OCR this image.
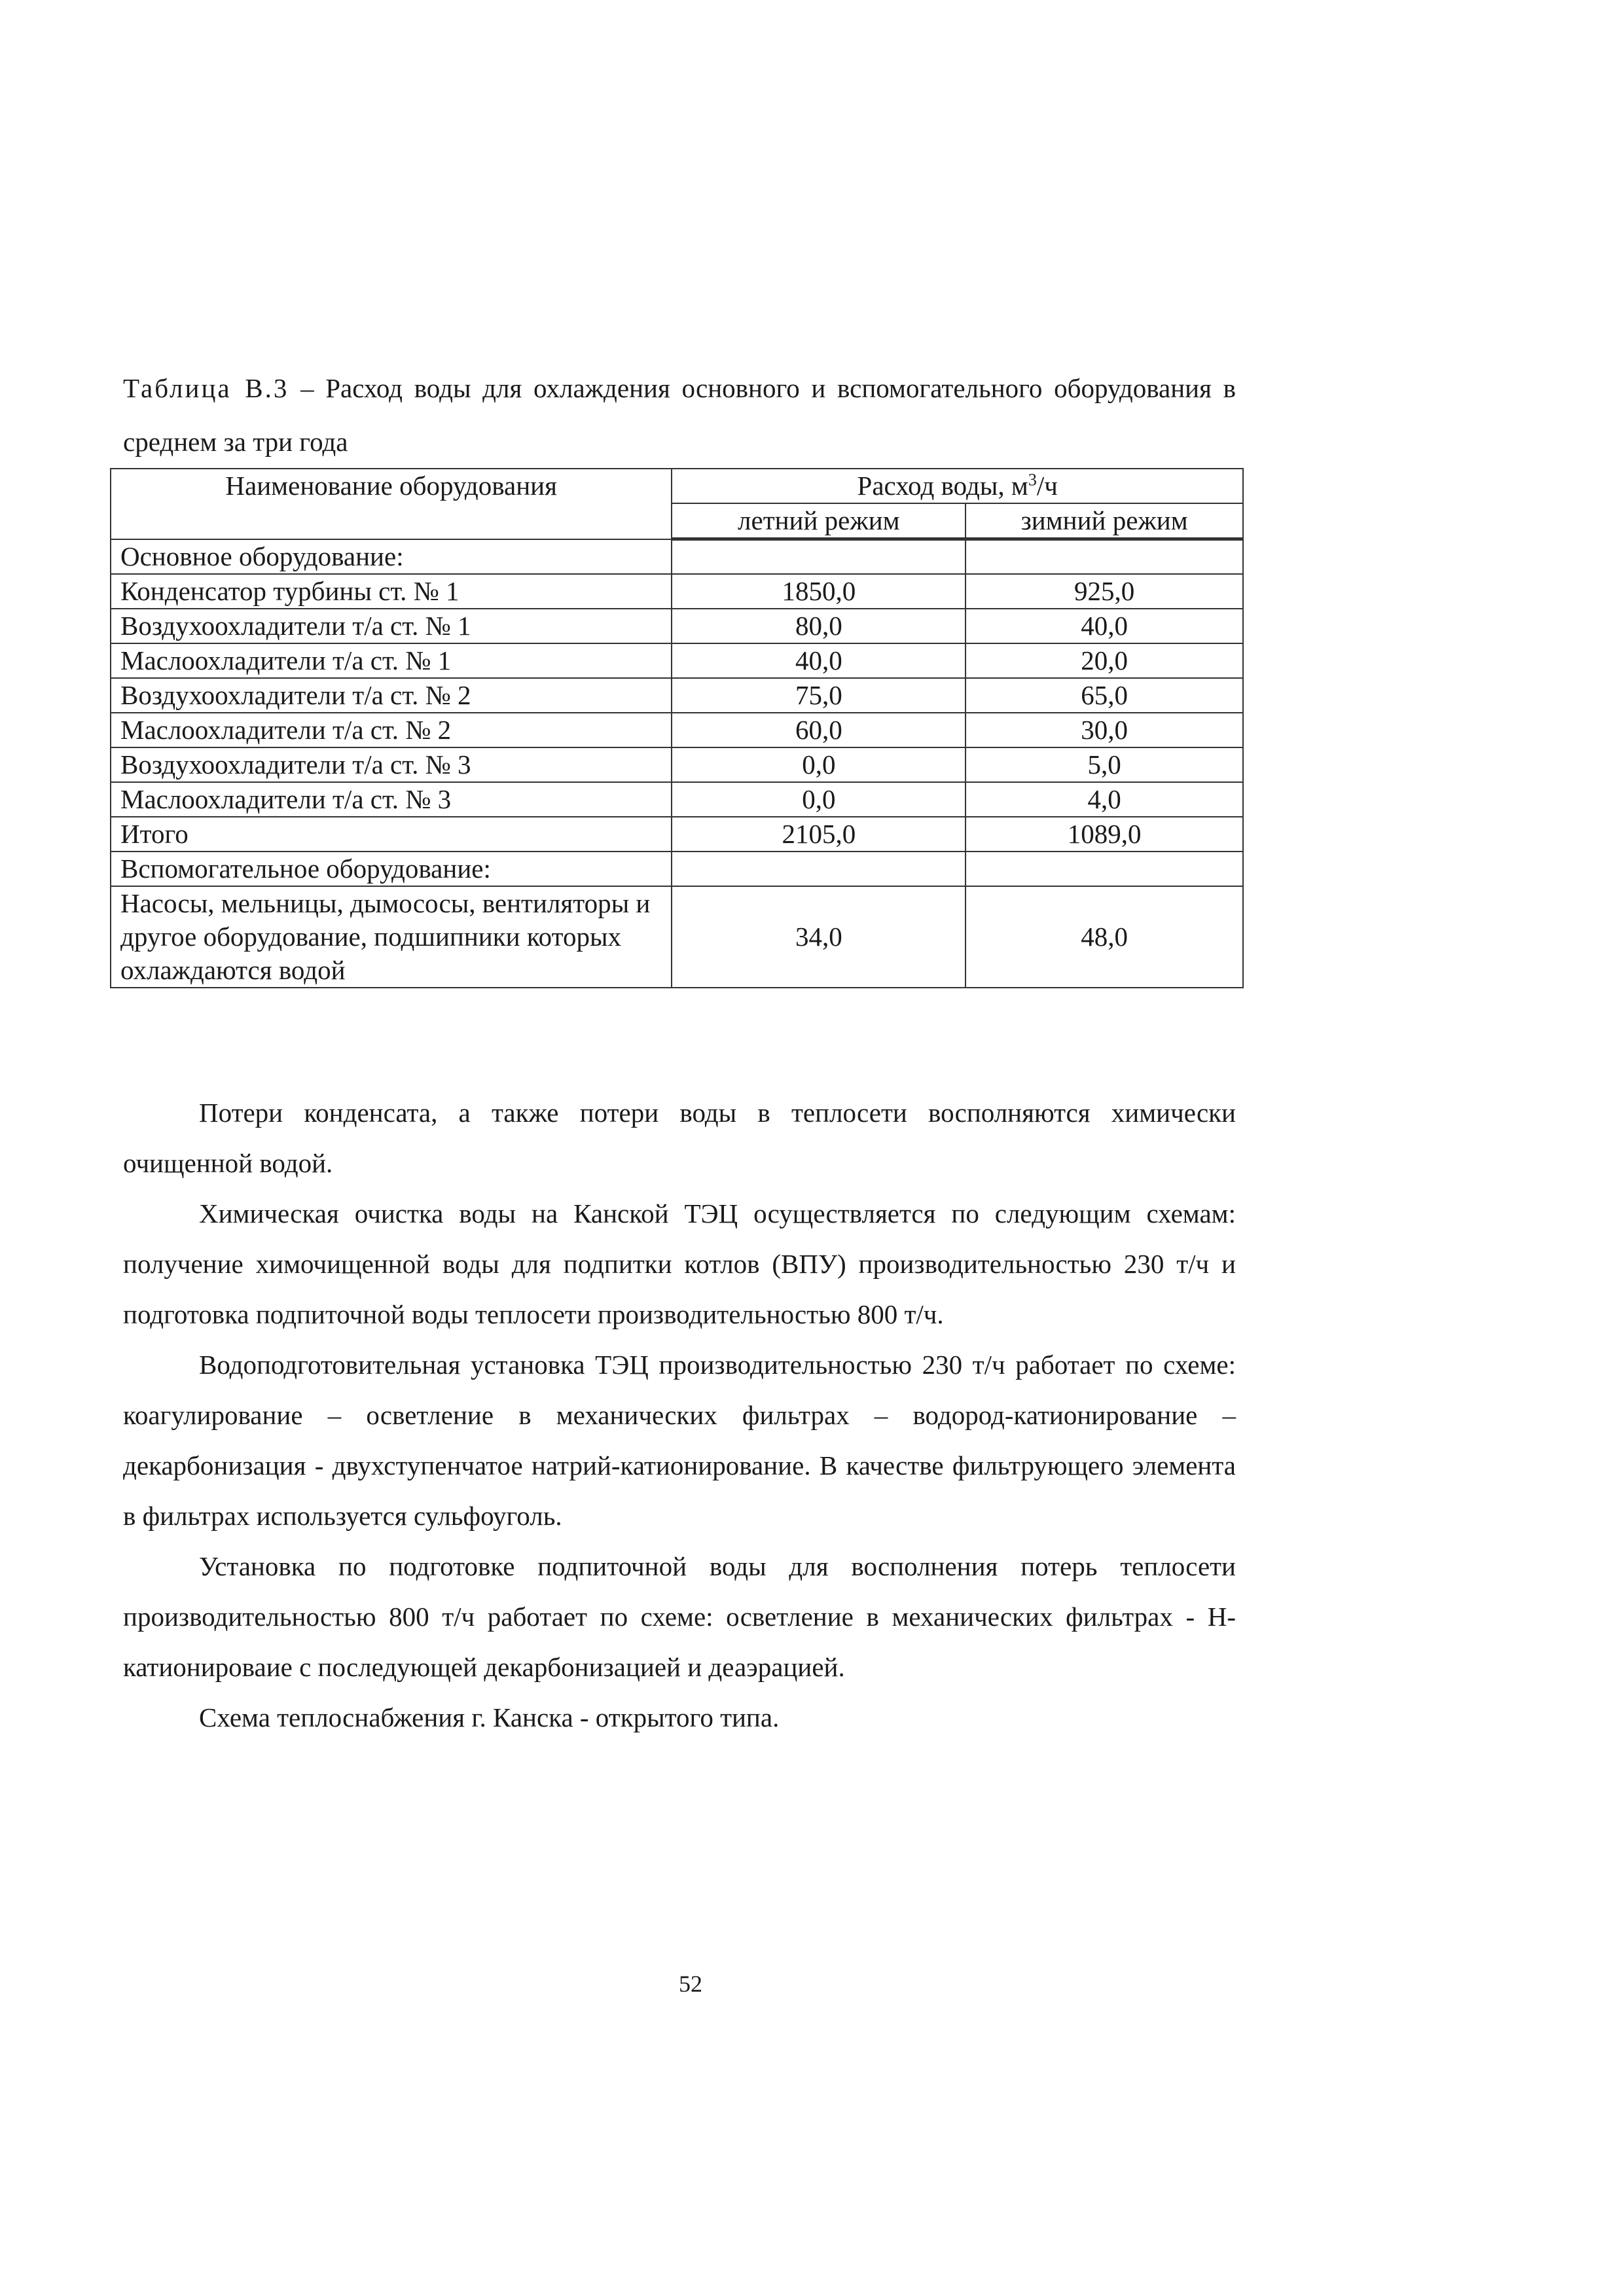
Таблица В.3 – Расход воды для охлаждения основного и вспомогательного оборудования в среднем за три года
Наименование оборудования	Расход воды, $м^3/ч$	
	летний режим	зимний режим
Основное оборудование:		
Конденсатор турбины ст. № 1	1850,0	925,0
Воздухоохладители т/а ст. № 1	80,0	40,0
Маслоохладители т/а ст. № 1	40,0	20,0
Воздухоохладители т/а ст. № 2	75,0	65,0
Маслоохладители т/а ст. № 2	60,0	30,0
Воздухоохладители т/а ст. № 3	0,0	5,0
Маслоохладители т/а ст. № 3	0,0	4,0
Итого	2105,0	1089,0
Вспомогательное оборудование:		
Насосы, мельницы, дымососы, вентиляторы и другое оборудование, подшипники которых охлаждаются водой	34,0	48,0

Потери конденсата, а также потери воды в теплосети восполняются химически очищенной водой.

Химическая очистка воды на Канской ТЭЦ осуществляется по следующим схемам: получение химочищенной воды для подпитки котлов (ВПУ) производительностью 230 т/ч и подготовка подпиточной воды теплосети производительностью 800 т/ч.

Водоподготовительная установка ТЭЦ производительностью 230 т/ч работает по схеме: коагулирование – осветление в механических фильтрах – водород-катионирование – декарбонизация - двухступенчатое натрий-катионирование. В качестве фильтрующего элемента в фильтрах используется сульфоуголь.

Установка по подготовке подпиточной воды для восполнения потерь теплосети производительностью 800 т/ч работает по схеме: осветление в механических фильтрах - Н-катионироваие с последующей декарбонизацией и деаэрацией.

Схема теплоснабжения г. Канска - открытого типа.

52
